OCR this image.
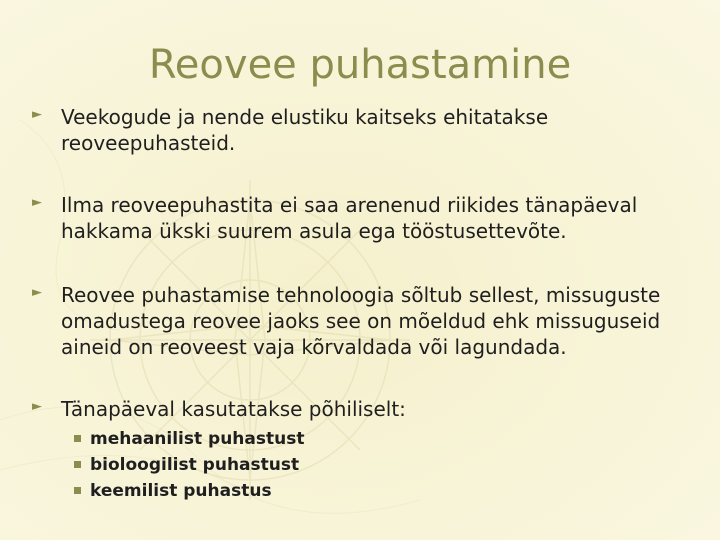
Reovee puhastamine
► Veekogude ja nende elustiku kaitseks ehitatakse
reoveepuhasteid.
► Ilma reoveepuhastita ei saa arenenud riikides tänapäeval
hakkama ükski suurem asula ega tööstusettevõte.
► Reovee puhastamise tehnoloogia sõltub sellest, missuguste
omadustega reovee jaoks see on mõeldud ehk missuguseid
aineid on reoveest vaja kõrvaldada või lagundada.
► Tänapäeval kasutatakse põhiliselt:
mehaanilist puhastust
bioloogilist puhastust
keemilist puhastus
